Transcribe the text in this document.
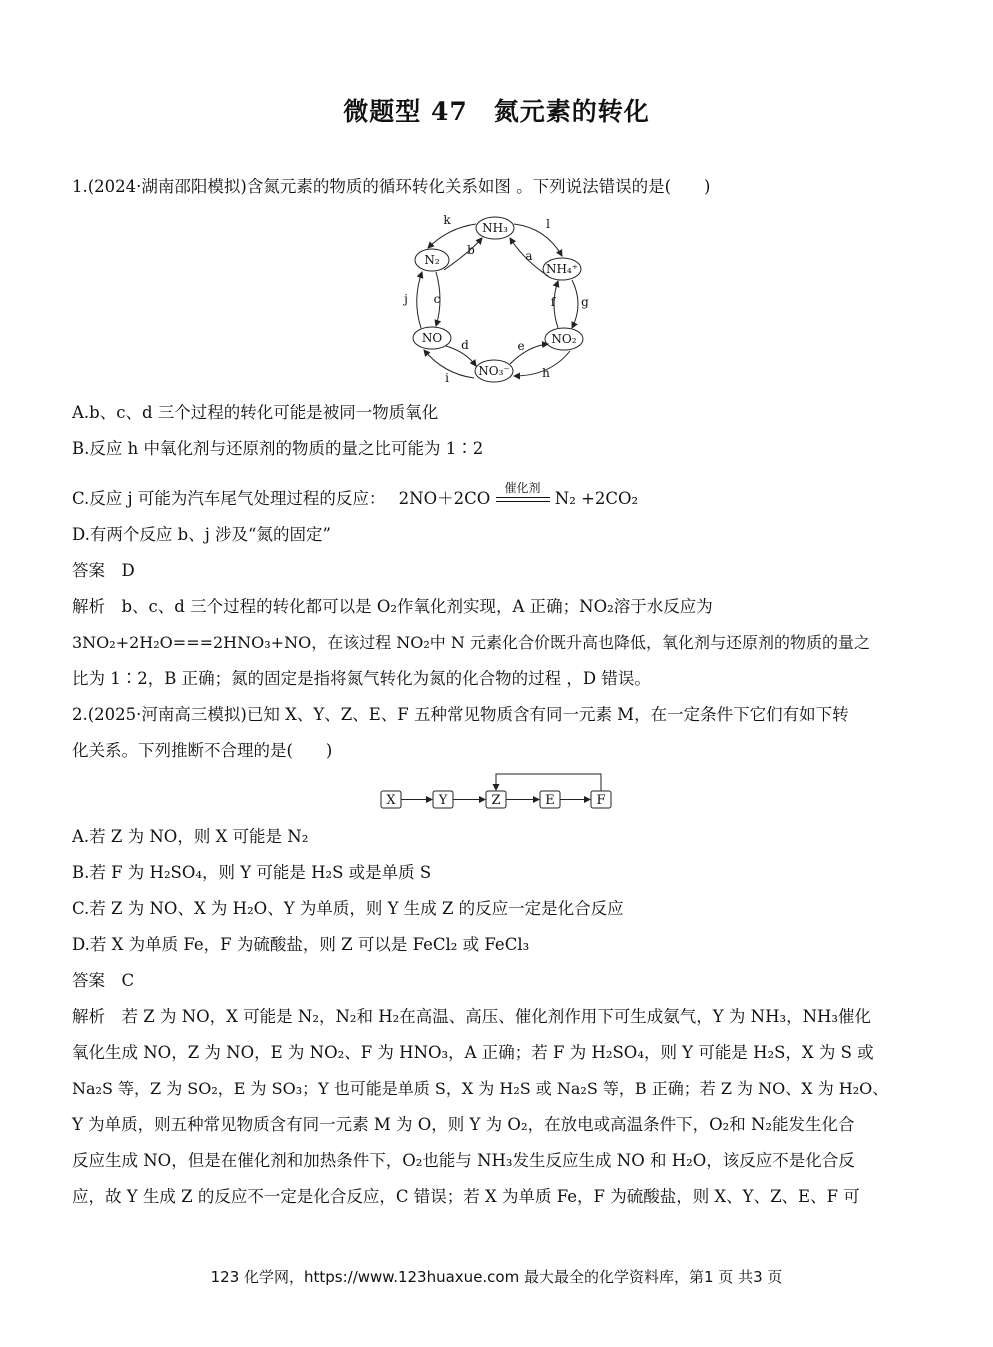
微题型 47　氮元素的转化
1.(2024·湖南邵阳模拟)含氮元素的物质的循环转化关系如图 。下列说法错误的是(　　)
NH₃
N₂
NH₄⁺
NO	NO₂
NO₃⁻
k
b
l
a
j c	f g
d	e
i	h
A.b、c、d 三个过程的转化可能是被同一物质氧化
B.反应 h 中氧化剂与还原剂的物质的量之比可能为 1∶2
C.反应 j 可能为汽车尾气处理过程的反应： 2NO＋2CO
催化剂
N₂ +2CO₂
D.有两个反应 b、j 涉及“氮的固定”
答案　D
解析　b、c、d 三个过程的转化都可以是 O₂作氧化剂实现，A 正确；NO₂溶于水反应为
3NO₂+2H₂O===2HNO₃+NO，在该过程 NO₂中 N 元素化合价既升高也降低，氧化剂与还原剂的物质的量之
比为 1∶2，B 正确；氮的固定是指将氮气转化为氮的化合物的过程 ，D 错误。
2.(2025·河南高三模拟)已知 X、Y、Z、E、F 五种常见物质含有同一元素 M，在一定条件下它们有如下转
化关系。下列推断不合理的是(　　)
X	Y	Z	E	F
A.若 Z 为 NO，则 X 可能是 N₂
B.若 F 为 H₂SO₄，则 Y 可能是 H₂S 或是单质 S
C.若 Z 为 NO、X 为 H₂O、Y 为单质，则 Y 生成 Z 的反应一定是化合反应
D.若 X 为单质 Fe，F 为硫酸盐，则 Z 可以是 FeCl₂ 或 FeCl₃
答案　C
解析　若 Z 为 NO，X 可能是 N₂，N₂和 H₂在高温、高压、催化剂作用下可生成氨气，Y 为 NH₃，NH₃催化
氧化生成 NO，Z 为 NO，E 为 NO₂、F 为 HNO₃，A 正确；若 F 为 H₂SO₄，则 Y 可能是 H₂S，X 为 S 或
Na₂S 等，Z 为 SO₂，E 为 SO₃；Y 也可能是单质 S，X 为 H₂S 或 Na₂S 等，B 正确；若 Z 为 NO、X 为 H₂O、
Y 为单质，则五种常见物质含有同一元素 M 为 O，则 Y 为 O₂，在放电或高温条件下，O₂和 N₂能发生化合
反应生成 NO，但是在催化剂和加热条件下，O₂也能与 NH₃发生反应生成 NO 和 H₂O，该反应不是化合反
应，故 Y 生成 Z 的反应不一定是化合反应，C 错误；若 X 为单质 Fe，F 为硫酸盐，则 X、Y、Z、E、F 可
123 化学网，https://www.123huaxue.com 最大最全的化学资料库，第1 页 共3 页
